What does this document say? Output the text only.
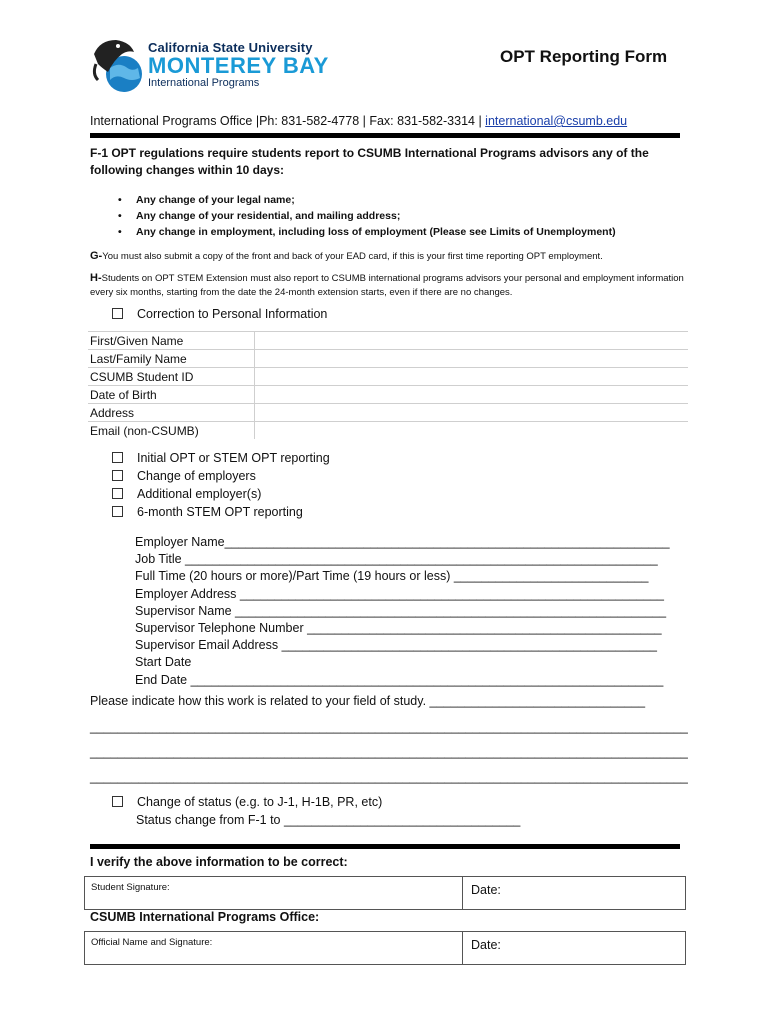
California State University
MONTEREY BAY
International Programs
OPT Reporting Form
International Programs Office |Ph: 831-582-4778 | Fax: 831-582-3314 | international@csumb.edu
F-1 OPT regulations require students report to CSUMB International Programs advisors any of the following changes within 10 days:
• Any change of your legal name;
• Any change of your residential, and mailing address;
• Any change in employment, including loss of employment (Please see Limits of Unemployment)
G-You must also submit a copy of the front and back of your EAD card, if this is your first time reporting OPT employment.
H-Students on OPT STEM Extension must also report to CSUMB international programs advisors your personal and employment information every six months, starting from the date the 24-month extension starts, even if there are no changes.
Correction to Personal Information
First/Given Name	
Last/Family Name	
CSUMB Student ID	
Date of Birth	
Address	
Email (non-CSUMB)	
Initial OPT or STEM OPT reporting
Change of employers
Additional employer(s)
6-month STEM OPT reporting
Employer Name________________________________________________________________
Job Title ____________________________________________________________________
Full Time (20 hours or more)/Part Time (19 hours or less) ____________________________
Employer Address _____________________________________________________________
Supervisor Name ______________________________________________________________
Supervisor Telephone Number ___________________________________________________
Supervisor Email Address ______________________________________________________
Start Date
End Date ____________________________________________________________________
Please indicate how this work is related to your field of study. _______________________________
______________________________________________________________________________________
______________________________________________________________________________________
______________________________________________________________________________________
Change of status (e.g. to J-1, H-1B, PR, etc)
Status change from F-1 to __________________________________
I verify the above information to be correct:
Student Signature:	Date:
CSUMB International Programs Office:
Official Name and Signature:	Date:
